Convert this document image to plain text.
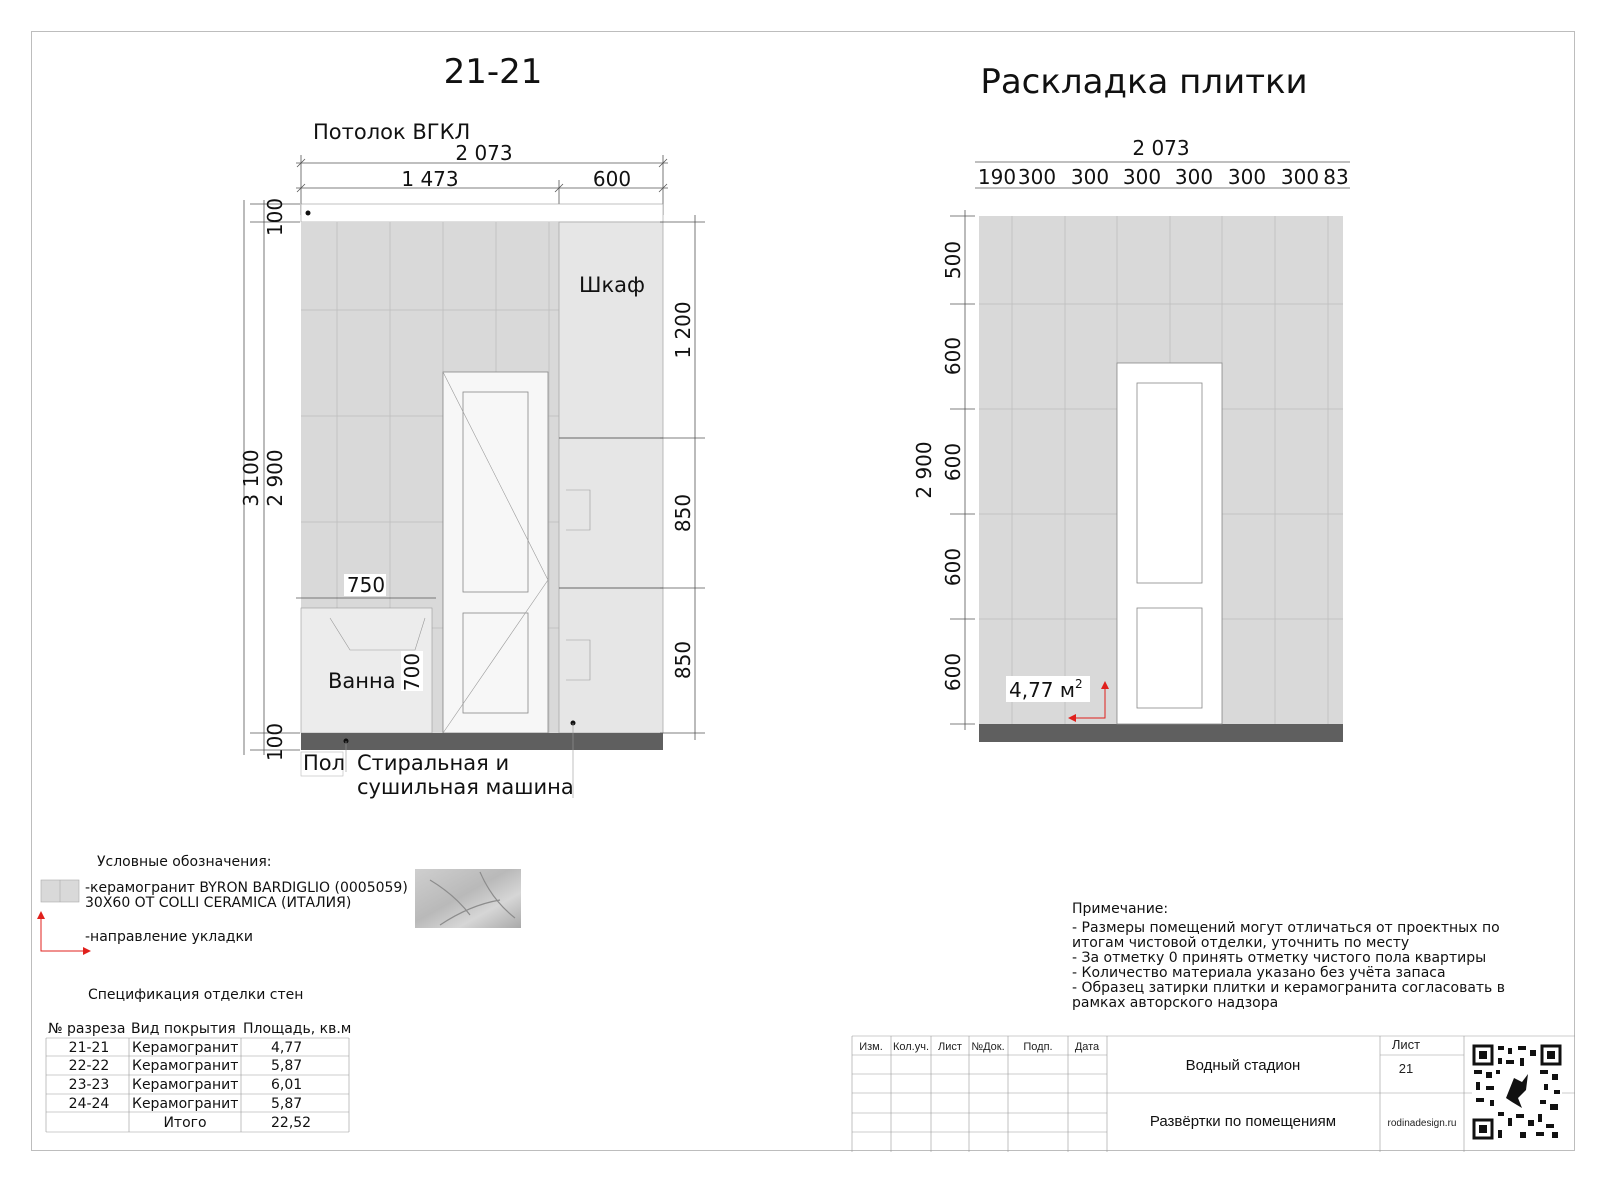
21-21
Потолок ВГКЛ
2 073
1 473	600
Шкаф
Ванна
100
3 100 2 900
100
1 200
850
850
750
700
Пол Стиральная и
сушильная машина
Раскладка плитки
2 073
190 300 300 300 300 300 300 83
2 900
500
600
600
600
600 4,77 $м^2$
Условные обозначения:
-керамогранит BYRON BARDIGLIO (0005059)
30Х60 ОТ COLLI CERAMICA (ИТАЛИЯ)
-направление укладки
Спецификация отделки стен
№ разреза Вид покрытия Площадь, кв.м
21-21 Керамогранит 4,77
22-22 Керамогранит 5,87
23-23 Керамогранит 6,01
24-24 Керамогранит 5,87
Итого	22,52
Примечание:
- Размеры помещений могут отличаться от проектных по
итогам чистовой отделки, уточнить по месту
- За отметку 0 принять отметку чистого пола квартиры
- Количество материала указано без учёта запаса
- Образец затирки плитки и керамогранита согласовать в
рамках авторского надзора
Изм. Кол.уч. Лист №Док. Подп. Дата
Водный стадион
Развёртки по помещениям
Лист
21
rodinadesign.ru
